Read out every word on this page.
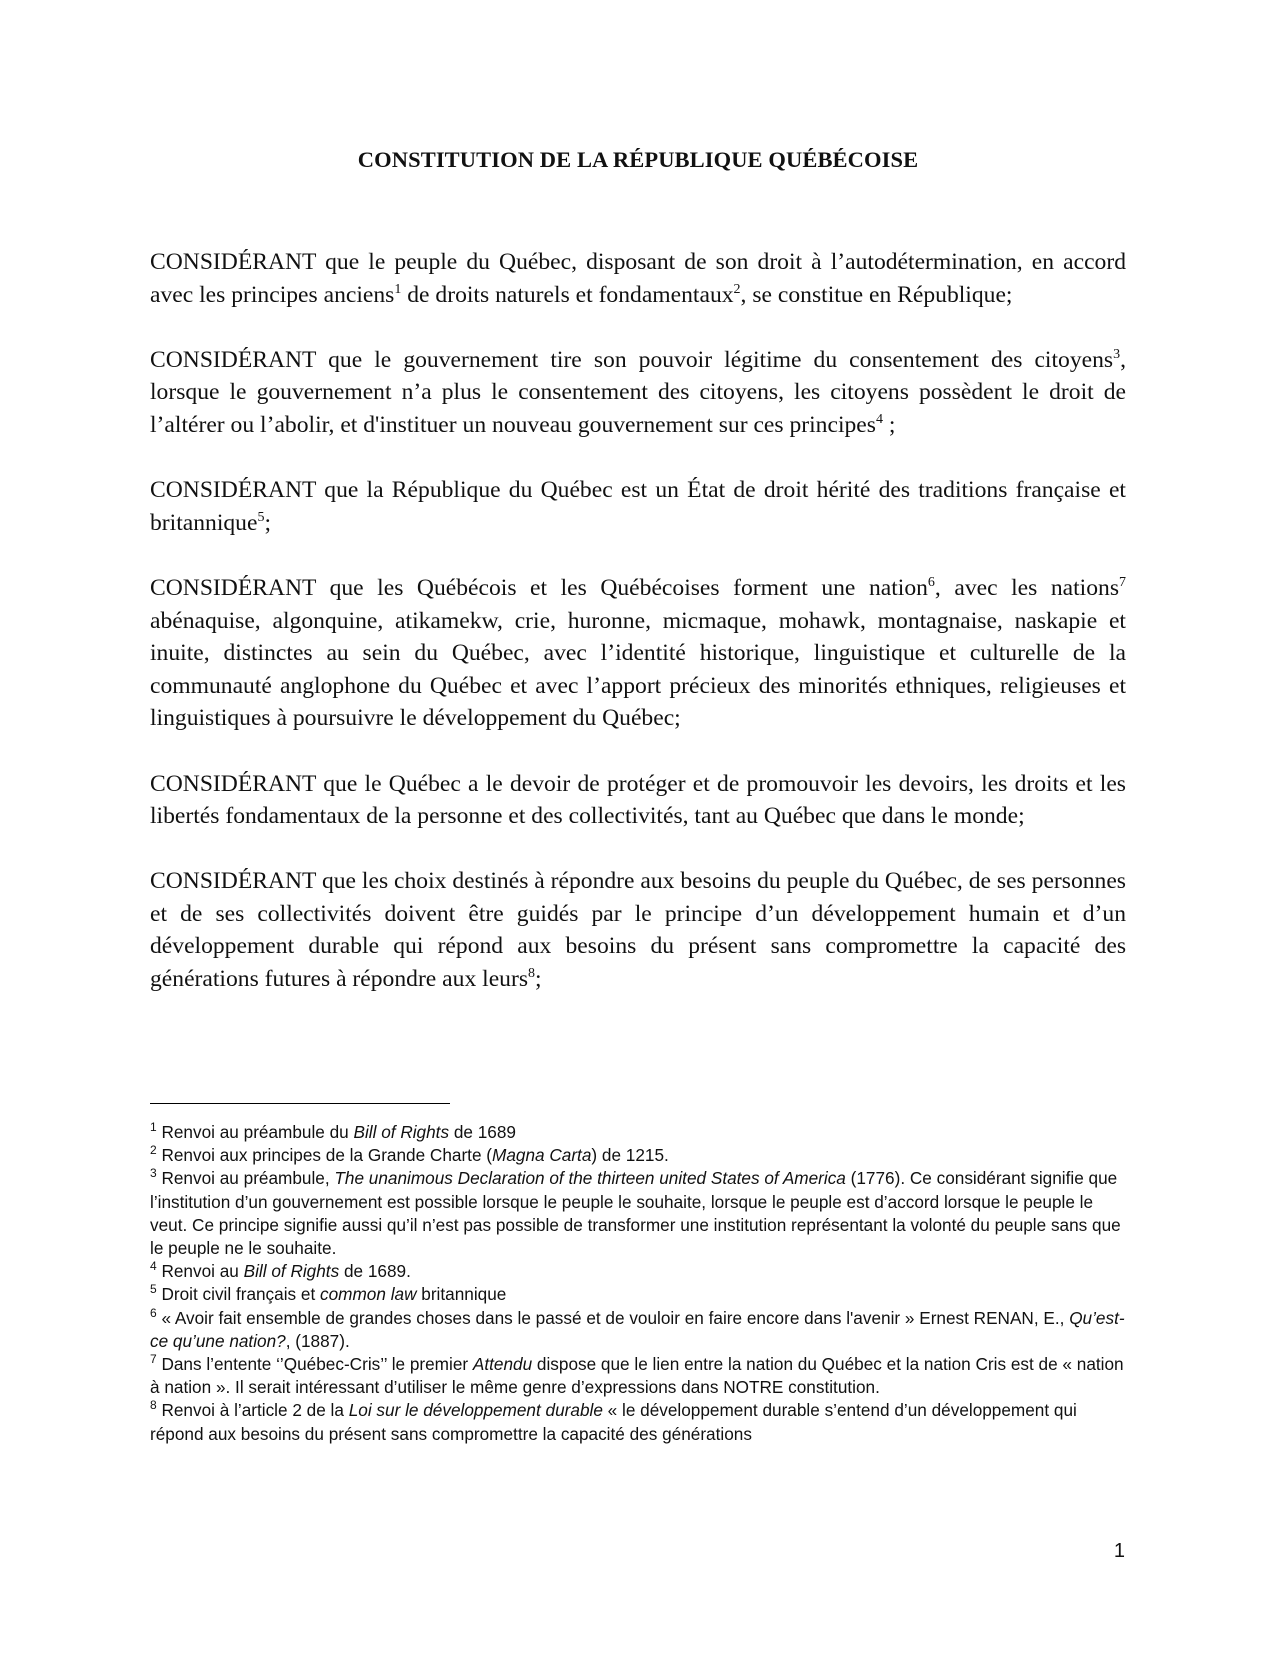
CONSTITUTION DE LA RÉPUBLIQUE QUÉBÉCOISE

CONSIDÉRANT que le peuple du Québec, disposant de son droit à l’autodétermination, en accord avec les principes anciens$^1$ de droits naturels et fondamentaux$^2$, se constitue en République;

CONSIDÉRANT que le gouvernement tire son pouvoir légitime du consentement des citoyens$^3$, lorsque le gouvernement n’a plus le consentement des citoyens, les citoyens possèdent le droit de l’altérer ou l’abolir, et d'instituer un nouveau gouvernement sur ces principes$^4$ ;

CONSIDÉRANT que la République du Québec est un État de droit hérité des traditions française et britannique$^5$;

CONSIDÉRANT que les Québécois et les Québécoises forment une nation$^6$, avec les nations$^7$ abénaquise, algonquine, atikamekw, crie, huronne, micmaque, mohawk, montagnaise, naskapie et inuite, distinctes au sein du Québec, avec l’identité historique, linguistique et culturelle de la communauté anglophone du Québec et avec l’apport précieux des minorités ethniques, religieuses et linguistiques à poursuivre le développement du Québec;

CONSIDÉRANT que le Québec a le devoir de protéger et de promouvoir les devoirs, les droits et les libertés fondamentaux de la personne et des collectivités, tant au Québec que dans le monde;

CONSIDÉRANT que les choix destinés à répondre aux besoins du peuple du Québec, de ses personnes et de ses collectivités doivent être guidés par le principe d’un développement humain et d’un développement durable qui répond aux besoins du présent sans compromettre la capacité des générations futures à répondre aux leurs$^8$;

$^1$ Renvoi au préambule du Bill of Rights de 1689

$^2$ Renvoi aux principes de la Grande Charte (Magna Carta) de 1215.

$^3$ Renvoi au préambule, The unanimous Declaration of the thirteen united States of America (1776). Ce considérant signifie que l’institution d’un gouvernement est possible lorsque le peuple le souhaite, lorsque le peuple est d’accord lorsque le peuple le veut. Ce principe signifie aussi qu’il n’est pas possible de transformer une institution représentant la volonté du peuple sans que le peuple ne le souhaite.

$^4$ Renvoi au Bill of Rights de 1689.

$^5$ Droit civil français et common law britannique

$^6$ « Avoir fait ensemble de grandes choses dans le passé et de vouloir en faire encore dans l'avenir » Ernest RENAN, E., Qu’est-ce qu’une nation?, (1887).

$^7$ Dans l’entente ‘’Québec-Cris’’ le premier Attendu dispose que le lien entre la nation du Québec et la nation Cris est de « nation à nation ». Il serait intéressant d’utiliser le même genre d’expressions dans NOTRE constitution.

$^8$ Renvoi à l’article 2 de la Loi sur le développement durable « le développement durable s’entend d’un développement qui répond aux besoins du présent sans compromettre la capacité des générations

1
